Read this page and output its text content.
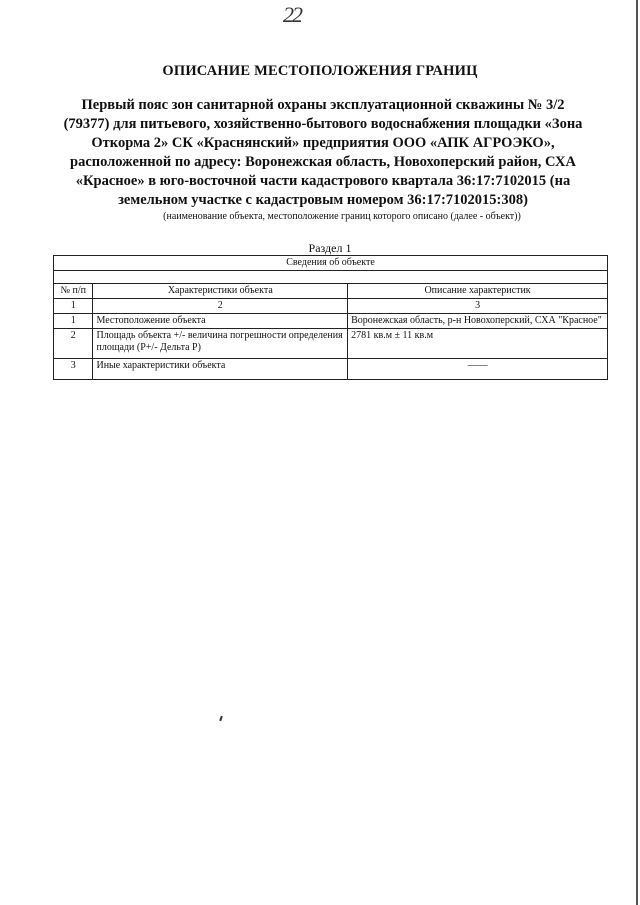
22
ОПИСАНИЕ МЕСТОПОЛОЖЕНИЯ ГРАНИЦ
Первый пояс зон санитарной охраны эксплуатационной скважины № 3/2
(79377) для питьевого, хозяйственно-бытового водоснабжения площадки «Зона
Откорма 2» СК «Краснянский» предприятия ООО «АПК АГРОЭКО»,
расположенной по адресу: Воронежская область, Новохоперский район, СХА
«Красное» в юго-восточной части кадастрового квартала 36:17:7102015 (на
земельном участке с кадастровым номером 36:17:7102015:308)
(наименование объекта, местоположение границ которого описано (далее - объект))
Раздел 1
Сведения об объекте		

№ п/п	Характеристики объекта	Описание характеристик
1	2	3
1	Местоположение объекта	Воронежская область, р-н Новохоперский, СХА "Красное"
2	Площадь объекта +/- величина погрешности определения площади (Р+/- Дельта Р)	2781 кв.м ± 11 кв.м
3	Иные характеристики объекта	——
